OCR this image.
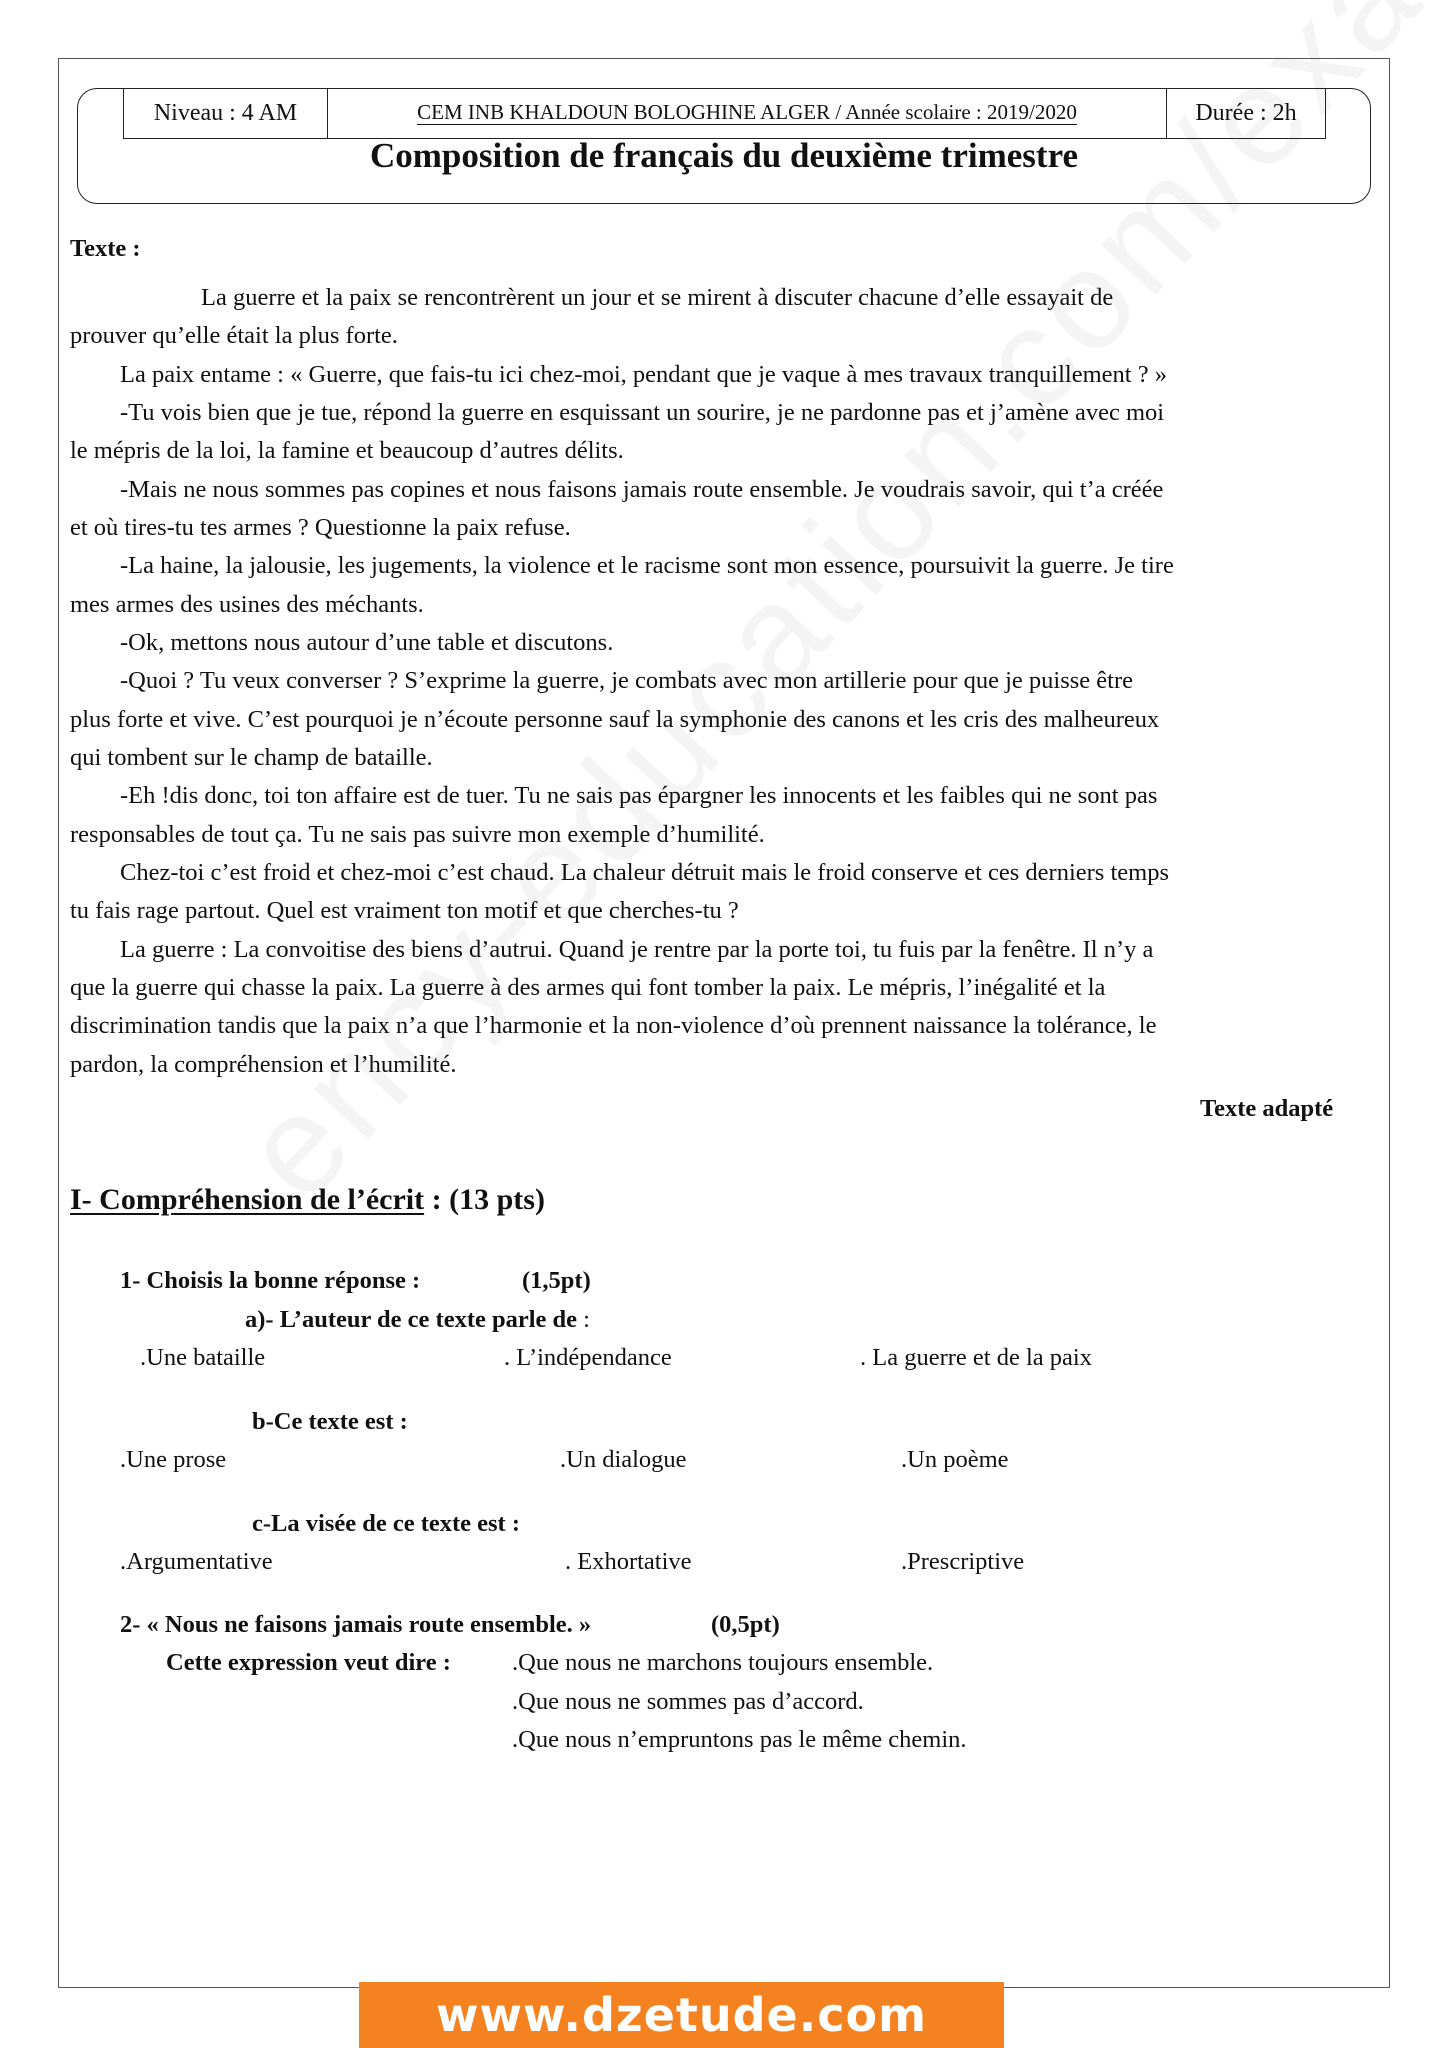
Niveau : 4 AM	CEM INB KHALDOUN BOLOGHINE ALGER / Année scolaire : 2019/2020	Durée : 2h
Composition de français du deuxième trimestre
Texte :
La guerre et la paix se rencontrèrent un jour et se mirent à discuter chacune d’elle essayait de
prouver qu’elle était la plus forte.
La paix entame : « Guerre, que fais-tu ici chez-moi, pendant que je vaque à mes travaux tranquillement ? »
-Tu vois bien que je tue, répond la guerre en esquissant un sourire, je ne pardonne pas et j’amène avec moi
le mépris de la loi, la famine et beaucoup d’autres délits.
-Mais ne nous sommes pas copines et nous faisons jamais route ensemble. Je voudrais savoir, qui t’a créée
et où tires-tu tes armes ? Questionne la paix refuse.
-La haine, la jalousie, les jugements, la violence et le racisme sont mon essence, poursuivit la guerre. Je tire
mes armes des usines des méchants.
-Ok, mettons nous autour d’une table et discutons.
-Quoi ? Tu veux converser ? S’exprime la guerre, je combats avec mon artillerie pour que je puisse être
plus forte et vive. C’est pourquoi je n’écoute personne sauf la symphonie des canons et les cris des malheureux
qui tombent sur le champ de bataille.
-Eh !dis donc, toi ton affaire est de tuer. Tu ne sais pas épargner les innocents et les faibles qui ne sont pas
responsables de tout ça. Tu ne sais pas suivre mon exemple d’humilité.
Chez-toi c’est froid et chez-moi c’est chaud. La chaleur détruit mais le froid conserve et ces derniers temps
tu fais rage partout. Quel est vraiment ton motif et que cherches-tu ?
La guerre : La convoitise des biens d’autrui. Quand je rentre par la porte toi, tu fuis par la fenêtre. Il n’y a
que la guerre qui chasse la paix. La guerre à des armes qui font tomber la paix. Le mépris, l’inégalité et la
discrimination tandis que la paix n’a que l’harmonie et la non-violence d’où prennent naissance la tolérance, le
pardon, la compréhension et l’humilité.
Texte adapté
I- Compréhension de l’écrit : (13 pts)
1- Choisis la bonne réponse :	(1,5pt)
a)- L’auteur de ce texte parle de :
.Une bataille	. L’indépendance	. La guerre et de la paix
b-Ce texte est :
.Une prose	.Un dialogue	.Un poème
c-La visée de ce texte est :
.Argumentative	. Exhortative	.Prescriptive
2- « Nous ne faisons jamais route ensemble. »	(0,5pt)
Cette expression veut dire : .Que nous ne marchons toujours ensemble.
.Que nous ne sommes pas d’accord.
.Que nous n’empruntons pas le même chemin.
www.dzetude.com
